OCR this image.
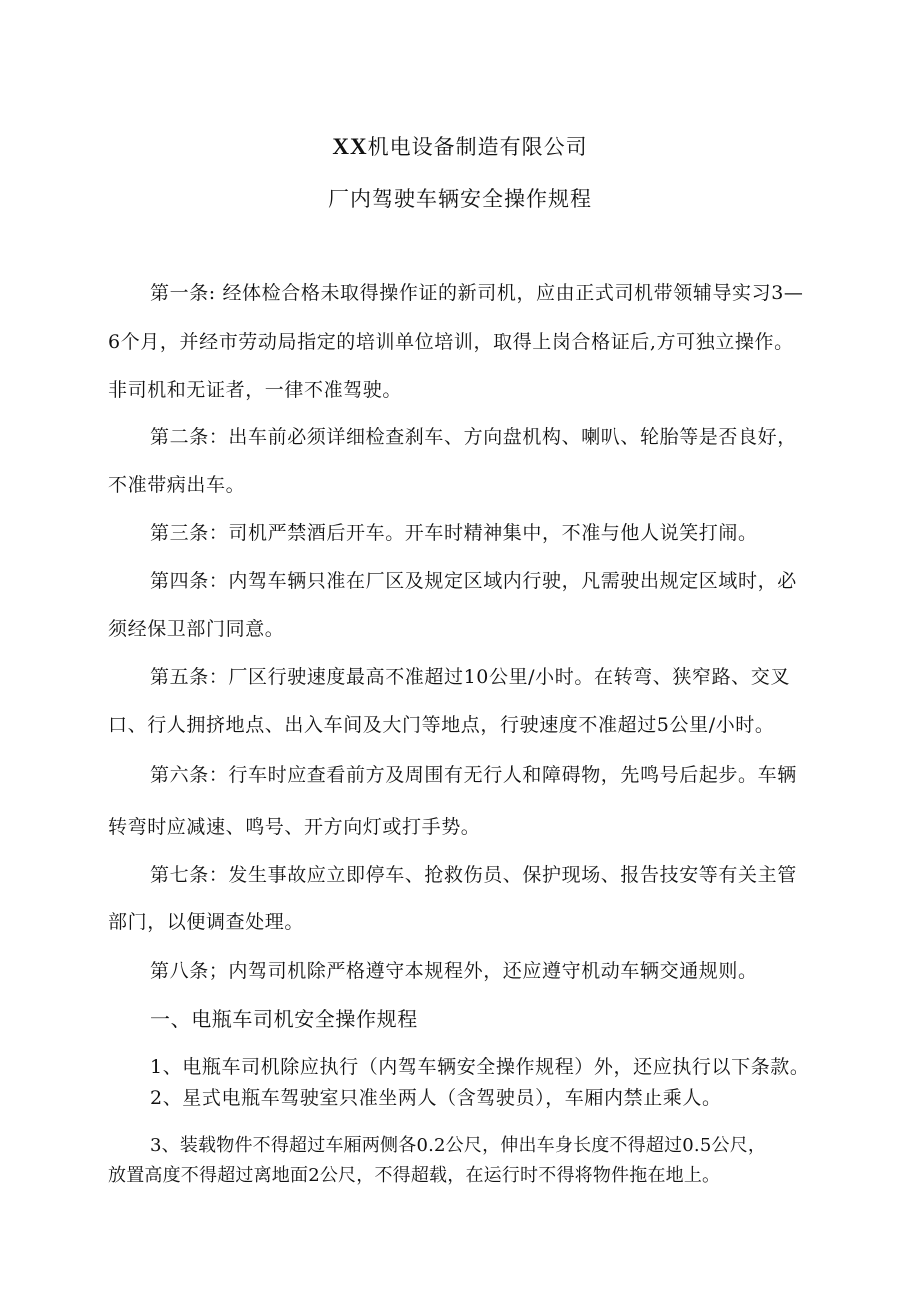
XX机电设备制造有限公司
厂内驾驶车辆安全操作规程
第一条: 经体检合格未取得操作证的新司机，应由正式司机带领辅导实习3—
6个月，并经市劳动局指定的培训单位培训，取得上岗合格证后,方可独立操作。
非司机和无证者，一律不准驾驶。
第二条：出车前必须详细检查刹车、方向盘机构、喇叭、轮胎等是否良好，
不准带病出车。
第三条：司机严禁酒后开车。开车时精神集中，不准与他人说笑打闹。
第四条：内驾车辆只准在厂区及规定区域内行驶，凡需驶出规定区域时，必
须经保卫部门同意。
第五条：厂区行驶速度最高不准超过10公里/小时。在转弯、狭窄路、交叉
口、行人拥挤地点、出入车间及大门等地点，行驶速度不准超过5公里/小时。
第六条：行车时应查看前方及周围有无行人和障碍物，先鸣号后起步。车辆
转弯时应减速、鸣号、开方向灯或打手势。
第七条：发生事故应立即停车、抢救伤员、保护现场、报告技安等有关主管
部门，以便调查处理。
第八条；内驾司机除严格遵守本规程外，还应遵守机动车辆交通规则。
一、电瓶车司机安全操作规程
1、电瓶车司机除应执行（内驾车辆安全操作规程）外，还应执行以下条款。
2、星式电瓶车驾驶室只准坐两人（含驾驶员），车厢内禁止乘人。
3、装载物件不得超过车厢两侧各0.2公尺，伸出车身长度不得超过0.5公尺，
放置高度不得超过离地面2公尺，不得超载，在运行时不得将物件拖在地上。
